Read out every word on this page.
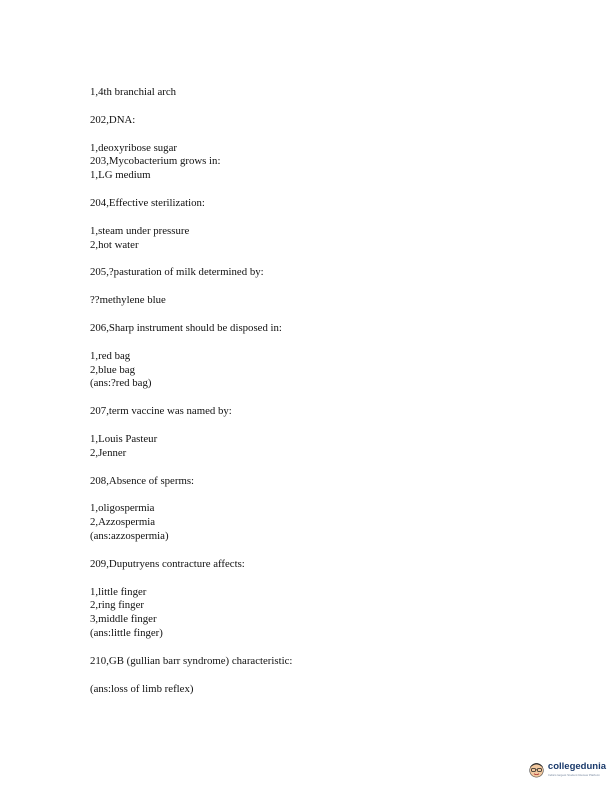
1,4th branchial arch
202,DNA:
1,deoxyribose sugar
203,Mycobacterium grows in:
1,LG medium
204,Effective sterilization:
1,steam under pressure
2,hot water
205,?pasturation of milk determined by:
??methylene blue
206,Sharp instrument should be disposed in:
1,red bag
2,blue bag
(ans:?red bag)
207,term vaccine was named by:
1,Louis Pasteur
2,Jenner
208,Absence of sperms:
1,oligospermia
2,Azzospermia
(ans:azzospermia)
209,Duputryens contracture affects:
1,little finger
2,ring finger
3,middle finger
(ans:little finger)
210,GB (gullian barr syndrome) characteristic:
(ans:loss of limb reflex)
collegedunia
India's largest Student Review Platform
